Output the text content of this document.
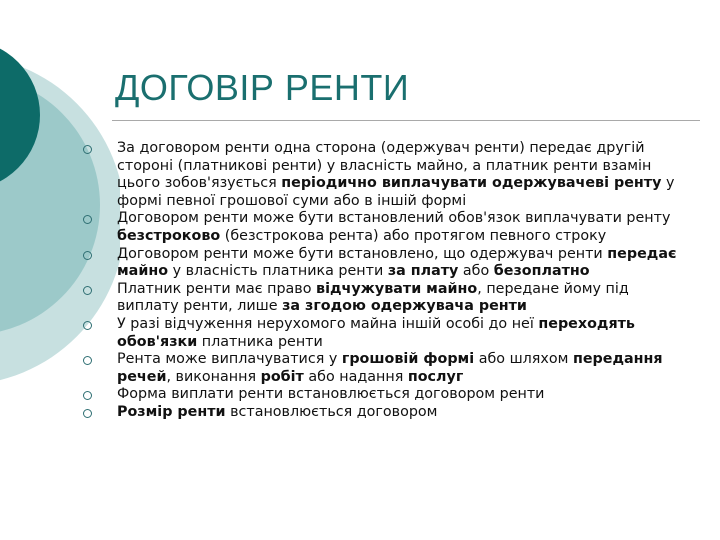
ДОГОВІР РЕНТИ
За договором ренти одна сторона (одержувач ренти) передає другій стороні (платникові ренти) у власність майно, а платник ренти взамін цього зобов'язується періодично виплачувати одержувачеві ренту у формі певної грошової суми або в іншій формі
Договором ренти може бути встановлений обов'язок виплачувати ренту безстроково (безстрокова рента) або протягом певного строку
Договором ренти може бути встановлено, що одержувач ренти передає майно у власність платника ренти за плату або безоплатно
Платник ренти має право відчужувати майно, передане йому під виплату ренти, лише за згодою одержувача ренти
У разі відчуження нерухомого майна іншій особі до неї переходять обов'язки платника ренти
Рента може виплачуватися у грошовій формі або шляхом передання речей, виконання робіт або надання послуг
Форма виплати ренти встановлюється договором ренти
Розмір ренти встановлюється договором
